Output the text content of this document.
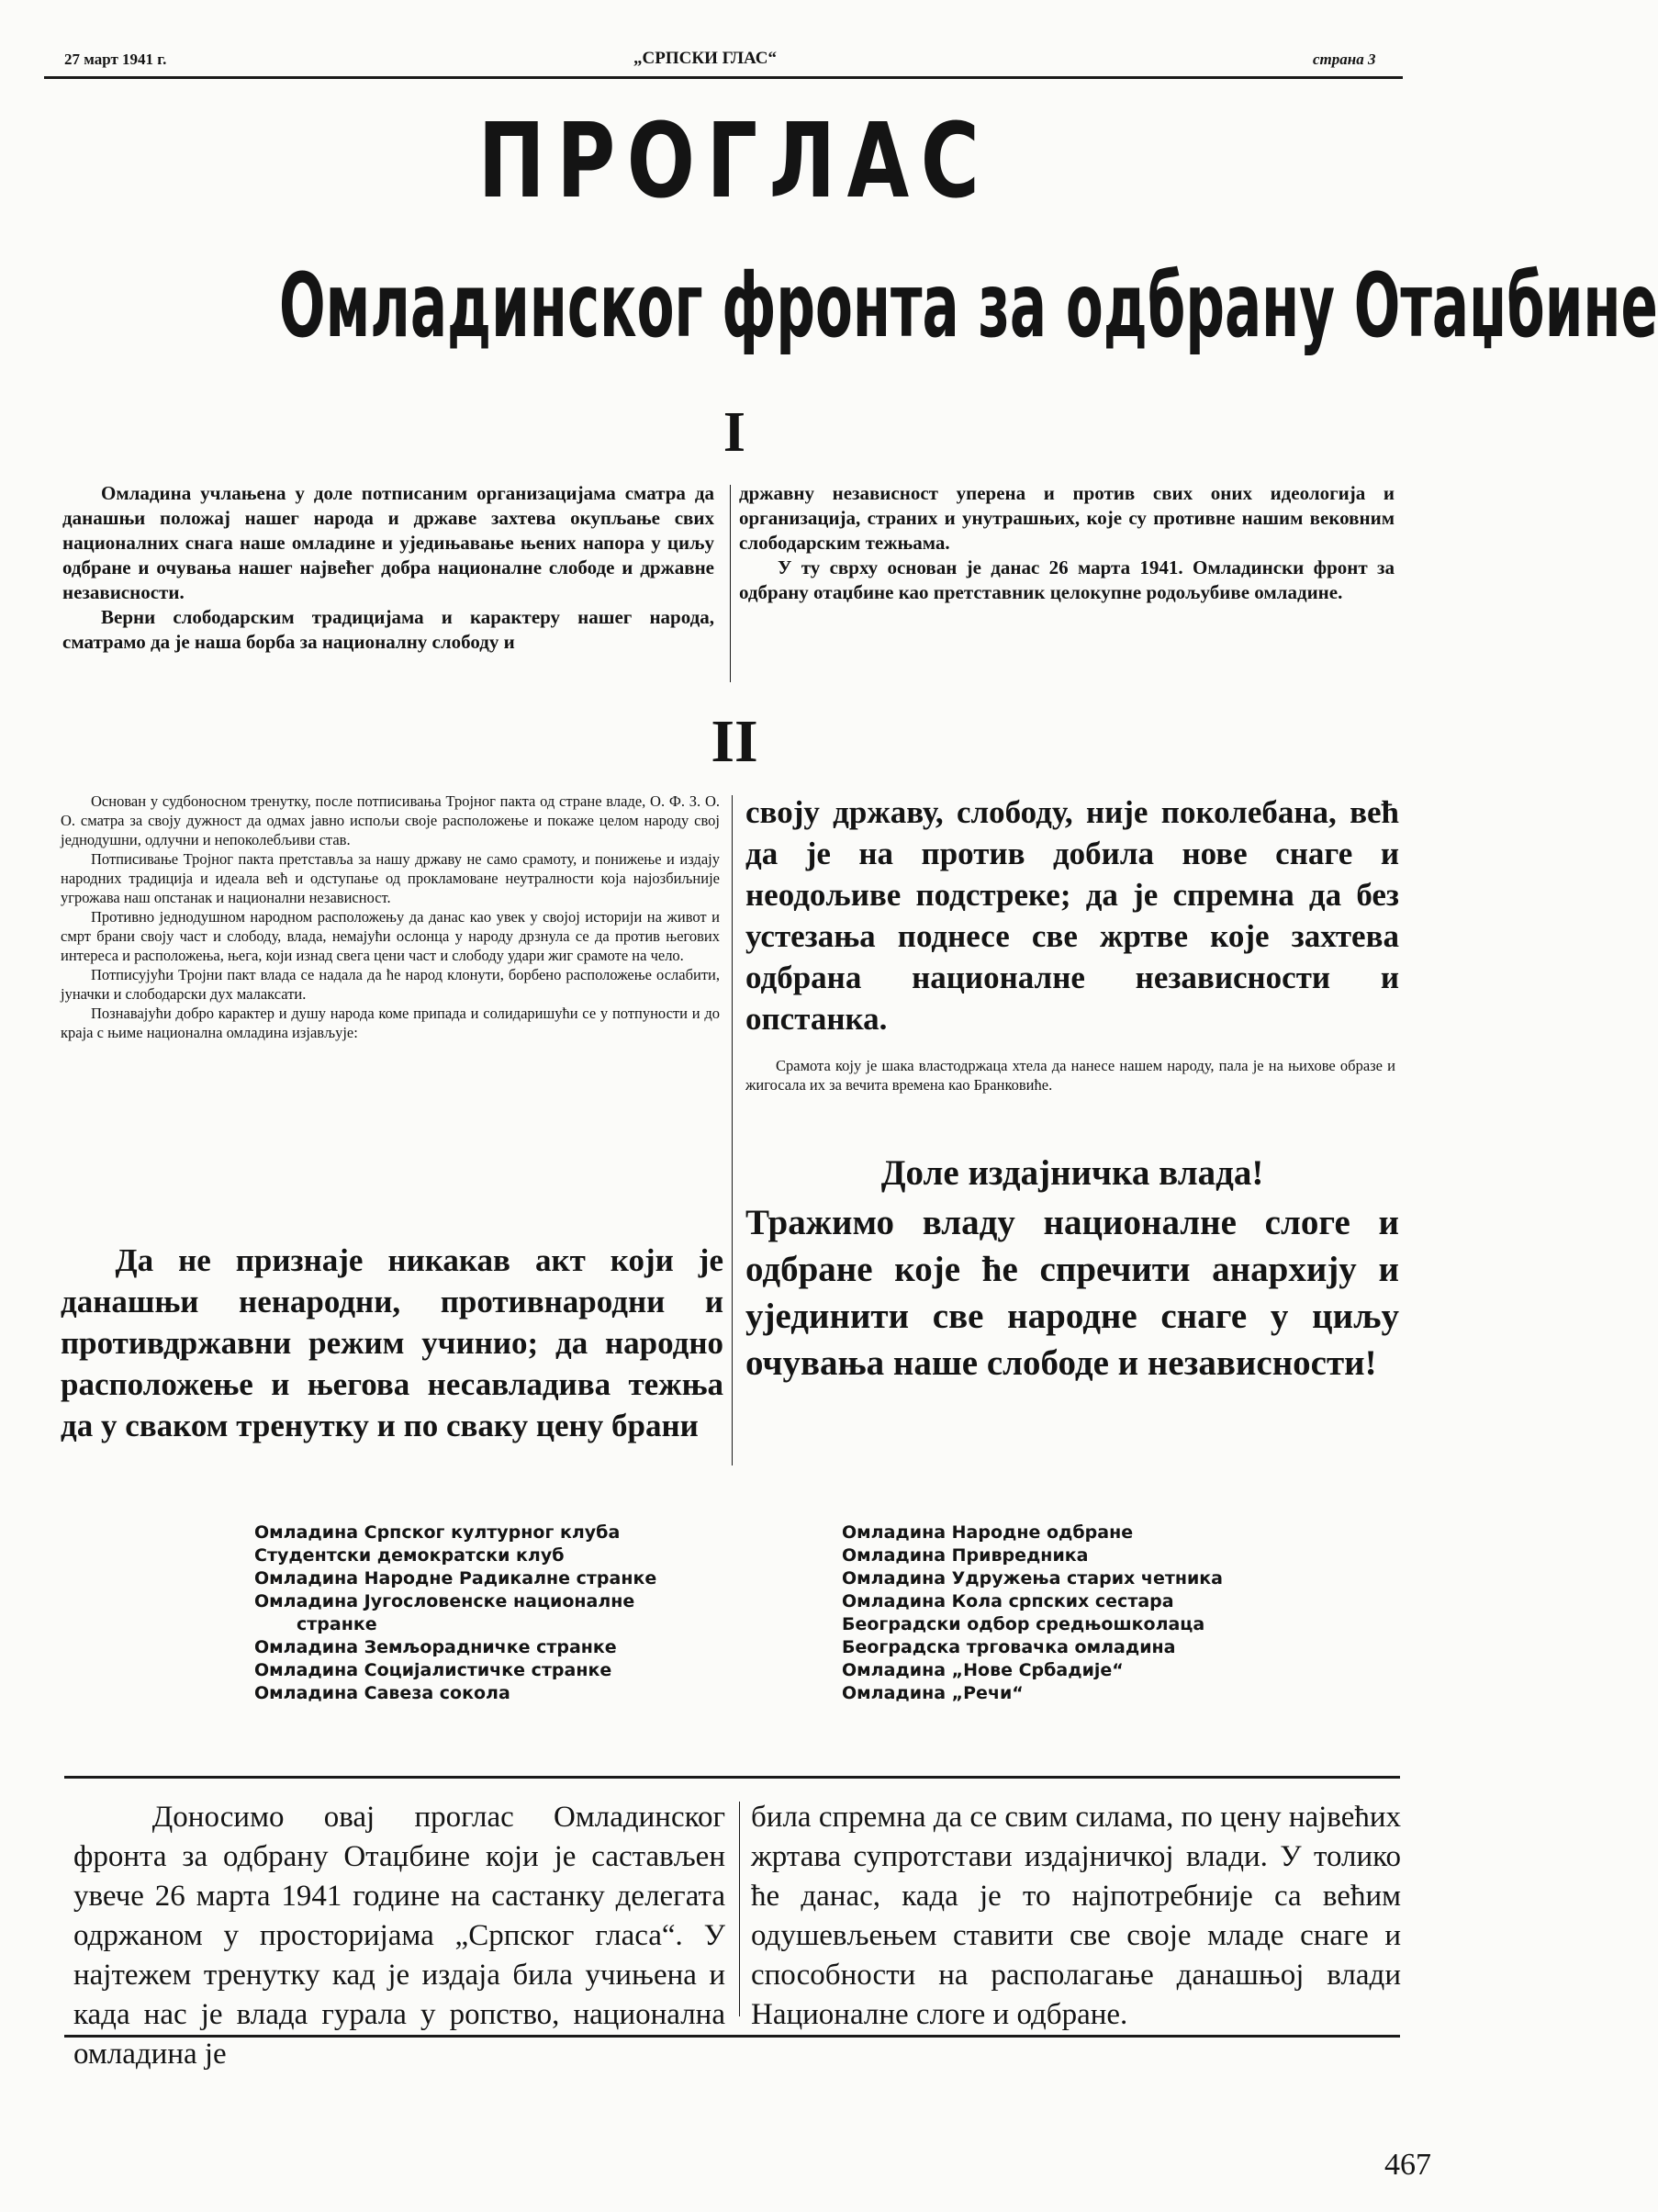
27 март 1941 г.	„СРПСКИ ГЛАС“	страна 3
ПРОГЛАС
Омладинског фронта за одбрану Отаџбине
I

Омладина учлањена у доле потписаним организацијама сматра да данашњи положај нашег народа и државе захтева окупљање свих националних снага наше омладине и уједињавање њених напора у циљу одбране и очувања нашег највећег добра националне слободе и државне независности.

Верни слободарским традицијама и карактеру нашег народа, сматрамо да је наша борба за националну слободу и

државну независност уперена и против свих оних идеологија и организација, страних и унутрашњих, које су противне нашим вековним слободарским тежњама.

У ту сврху основан је данас 26 марта 1941. Омладински фронт за одбрану отаџбине као претставник целокупне родољубиве омладине.

II

Основан у судбоносном тренутку, после потписивања Тројног пакта од стране владе, О. Ф. З. О. О. сматра за своју дужност да одмах јавно испољи своје расположење и покаже целом народу свој једнодушни, одлучни и непоколебљиви став.

Потписивање Тројног пакта претставља за нашу државу не само срамоту, и понижење и издају народних традиција и идеала већ и одступање од прокламоване неутралности која најозбиљније угрожава наш опстанак и национални независност.

Противно једнодушном народном расположењу да данас као увек у својој историји на живот и смрт брани своју част и слободу, влада, немајући ослонца у народу дрзнула се да против његових интереса и расположења, њега, који изнад свега цени част и слободу удари жиг срамоте на чело.

Потписујући Тројни пакт влада се надала да ће народ клонути, борбено расположење ослабити, јуначки и слободарски дух малаксати.

Познавајући добро карактер и душу народа коме припада и солидаришући се у потпуности и до краја с њиме национална омладина изјављује:

Да не признаје никакав акт који је данашњи ненародни, противнародни и противдржавни режим учинио; да народно расположење и његова несавладива тежња да у сваком тренутку и по сваку цену брани

своју државу, слободу, није поколебана, већ да је на против добила нове снаге и неодољиве подстреке; да је спремна да без устезања поднесе све жртве које захтева одбрана националне независности и опстанка.

Срамота коју је шака властодржаца хтела да нанесе нашем народу, пала је на њихове образе и жигосала их за вечита времена као Бранковиће.

Доле издајничка влада!
Тражимо владу националне слоге и одбране које ће спречити анархију и ујединити све народне снаге у циљу очувања наше слободе и независности!
Омладина Српског културног клуба
Студентски демократски клуб
Омладина Народне Радикалне странке
Омладина Југословенске националне
странке
Омладина Земљорадничке странке
Омладина Социјалистичке странке
Омладина Савеза сокола
Омладина Народне одбране
Омладина Привредника
Омладина Удружења старих четника
Омладина Кола српских сестара
Београдски одбор средњошколаца
Београдска трговачка омладина
Омладина „Нове Србадије“
Омладина „Речи“

Доносимо овај проглас Омладинског фронта за одбрану Отаџбине који је састављен увече 26 марта 1941 године на састанку делегата одржаном у просторијама „Српског гласа“. У најтежем тренутку кад је издаја била учињена и када нас је влада гурала у ропство, национална омладина је

била спремна да се свим силама, по цену највећих жртава супротстави издајничкој влади. У толико ће данас, када је то најпотребније са већим одушевљењем ставити све своје младе снаге и способности на располагање данашњој влади Националне слоге и одбране.

467
